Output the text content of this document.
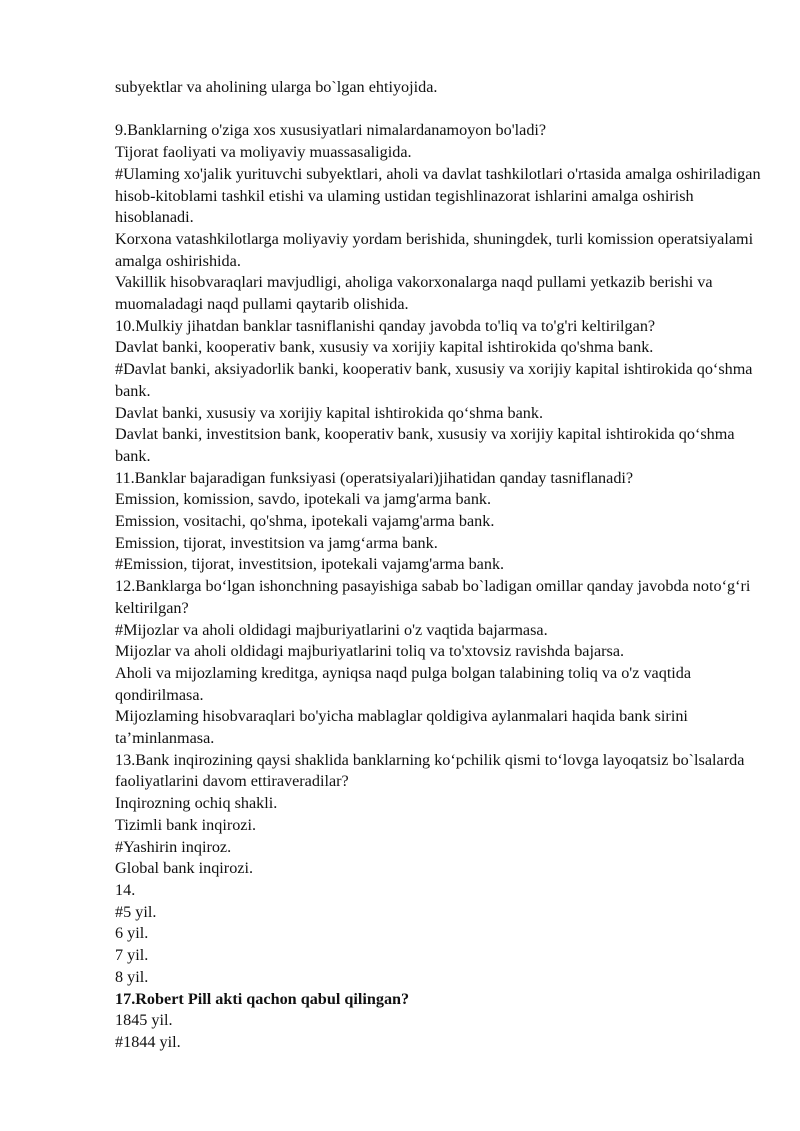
subyektlar va aholining ularga bo`lgan ehtiyojida.
9.Banklarning o'ziga xos xususiyatlari nimalardanamoyon bo'ladi?
Tijorat faoliyati va moliyaviy muassasaligida.
#Ulaming xo'jalik yurituvchi subyektlari, aholi va davlat tashkilotlari o'rtasida amalga oshiriladigan hisob-kitoblami tashkil etishi va ulaming ustidan tegishlinazorat ishlarini amalga oshirish hisoblanadi.
Korxona vatashkilotlarga moliyaviy yordam berishida, shuningdek, turli komission operatsiyalami amalga oshirishida.
Vakillik hisobvaraqlari mavjudligi, aholiga vakorxonalarga naqd pullami yetkazib berishi va muomaladagi naqd pullami qaytarib olishida.
10.Mulkiy jihatdan banklar tasniflanishi qanday javobda to'liq va to'g'ri keltirilgan?
Davlat banki, kooperativ bank, xususiy va xorijiy kapital ishtirokida qo'shma bank.
#Davlat banki, aksiyadorlik banki, kooperativ bank, xususiy va xorijiy kapital ishtirokida qo‘shma bank.
Davlat banki, xususiy va xorijiy kapital ishtirokida qo‘shma bank.
Davlat banki, investitsion bank, kooperativ bank, xususiy va xorijiy kapital ishtirokida qo‘shma bank.
11.Banklar bajaradigan funksiyasi (operatsiyalari)jihatidan qanday tasniflanadi?
Emission, komission, savdo, ipotekali va jamg'arma bank.
Emission, vositachi, qo'shma, ipotekali vajamg'arma bank.
Emission, tijorat, investitsion va jamg‘arma bank.
#Emission, tijorat, investitsion, ipotekali vajamg'arma bank.
12.Banklarga bo‘lgan ishonchning pasayishiga sabab bo`ladigan omillar qanday javobda noto‘g‘ri keltirilgan?
#Mijozlar va aholi oldidagi majburiyatlarini o'z vaqtida bajarmasa.
Mijozlar va aholi oldidagi majburiyatlarini toliq va to'xtovsiz ravishda bajarsa.
Aholi va mijozlaming kreditga, ayniqsa naqd pulga bolgan talabining toliq va o'z vaqtida qondirilmasa.
Mijozlaming hisobvaraqlari bo'yicha mablaglar qoldigiva aylanmalari haqida bank sirini ta’minlanmasa.
13.Bank inqirozining qaysi shaklida banklarning ko‘pchilik qismi to‘lovga layoqatsiz bo`lsalarda faoliyatlarini davom ettiraveradilar?
Inqirozning ochiq shakli.
Tizimli bank inqirozi.
#Yashirin inqiroz.
Global bank inqirozi.
14.
#5 yil.
6 yil.
7 yil.
8 yil.
17.Robert Pill akti qachon qabul qilingan?
1845 yil.
#1844 yil.
